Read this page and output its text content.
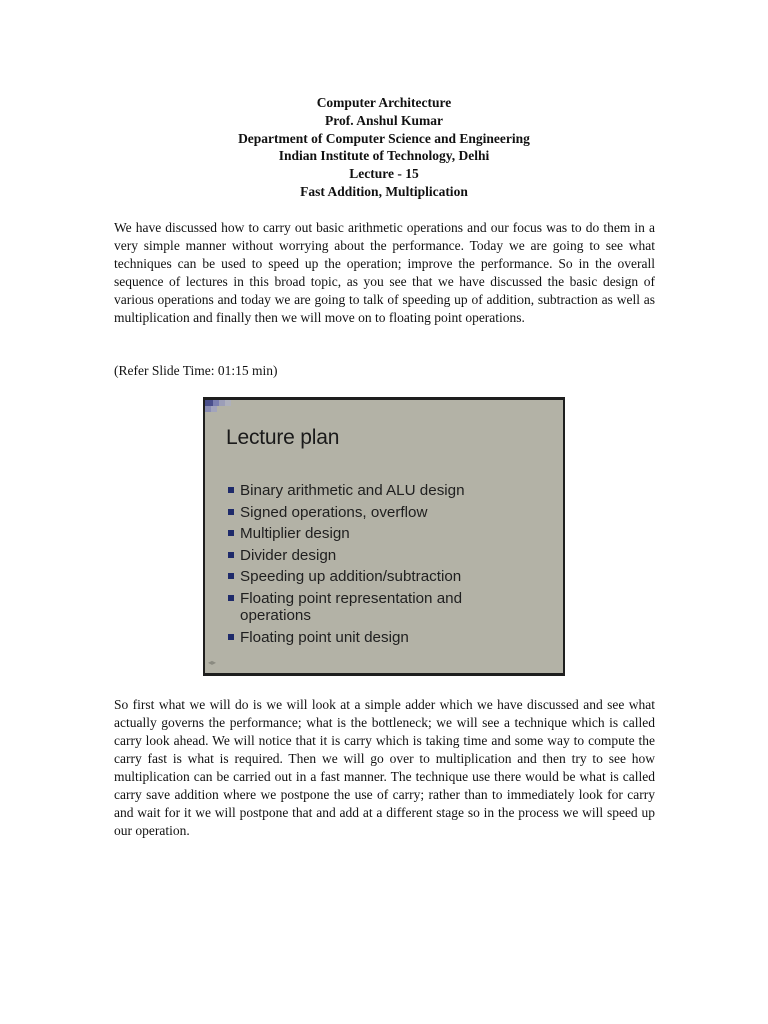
Computer Architecture
Prof. Anshul Kumar
Department of Computer Science and Engineering
Indian Institute of Technology, Delhi
Lecture - 15
Fast Addition, Multiplication

We have discussed how to carry out basic arithmetic operations and our focus was to do them in a very simple manner without worrying about the performance. Today we are going to see what techniques can be used to speed up the operation; improve the performance. So in the overall sequence of lectures in this broad topic, as you see that we have discussed the basic design of various operations and today we are going to talk of speeding up of addition, subtraction as well as multiplication and finally then we will move on to floating point operations.

(Refer Slide Time: 01:15 min)

Lecture plan
Binary arithmetic and ALU design
Signed operations, overflow
Multiplier design
Divider design
Speeding up addition/subtraction
Floating point representation and operations
Floating point unit design
◂▸

So first what we will do is we will look at a simple adder which we have discussed and see what actually governs the performance; what is the bottleneck; we will see a technique which is called carry look ahead. We will notice that it is carry which is taking time and some way to compute the carry fast is what is required. Then we will go over to multiplication and then try to see how multiplication can be carried out in a fast manner. The technique use there would be what is called carry save addition where we postpone the use of carry; rather than to immediately look for carry and wait for it we will postpone that and add at a different stage so in the process we will speed up our operation.
